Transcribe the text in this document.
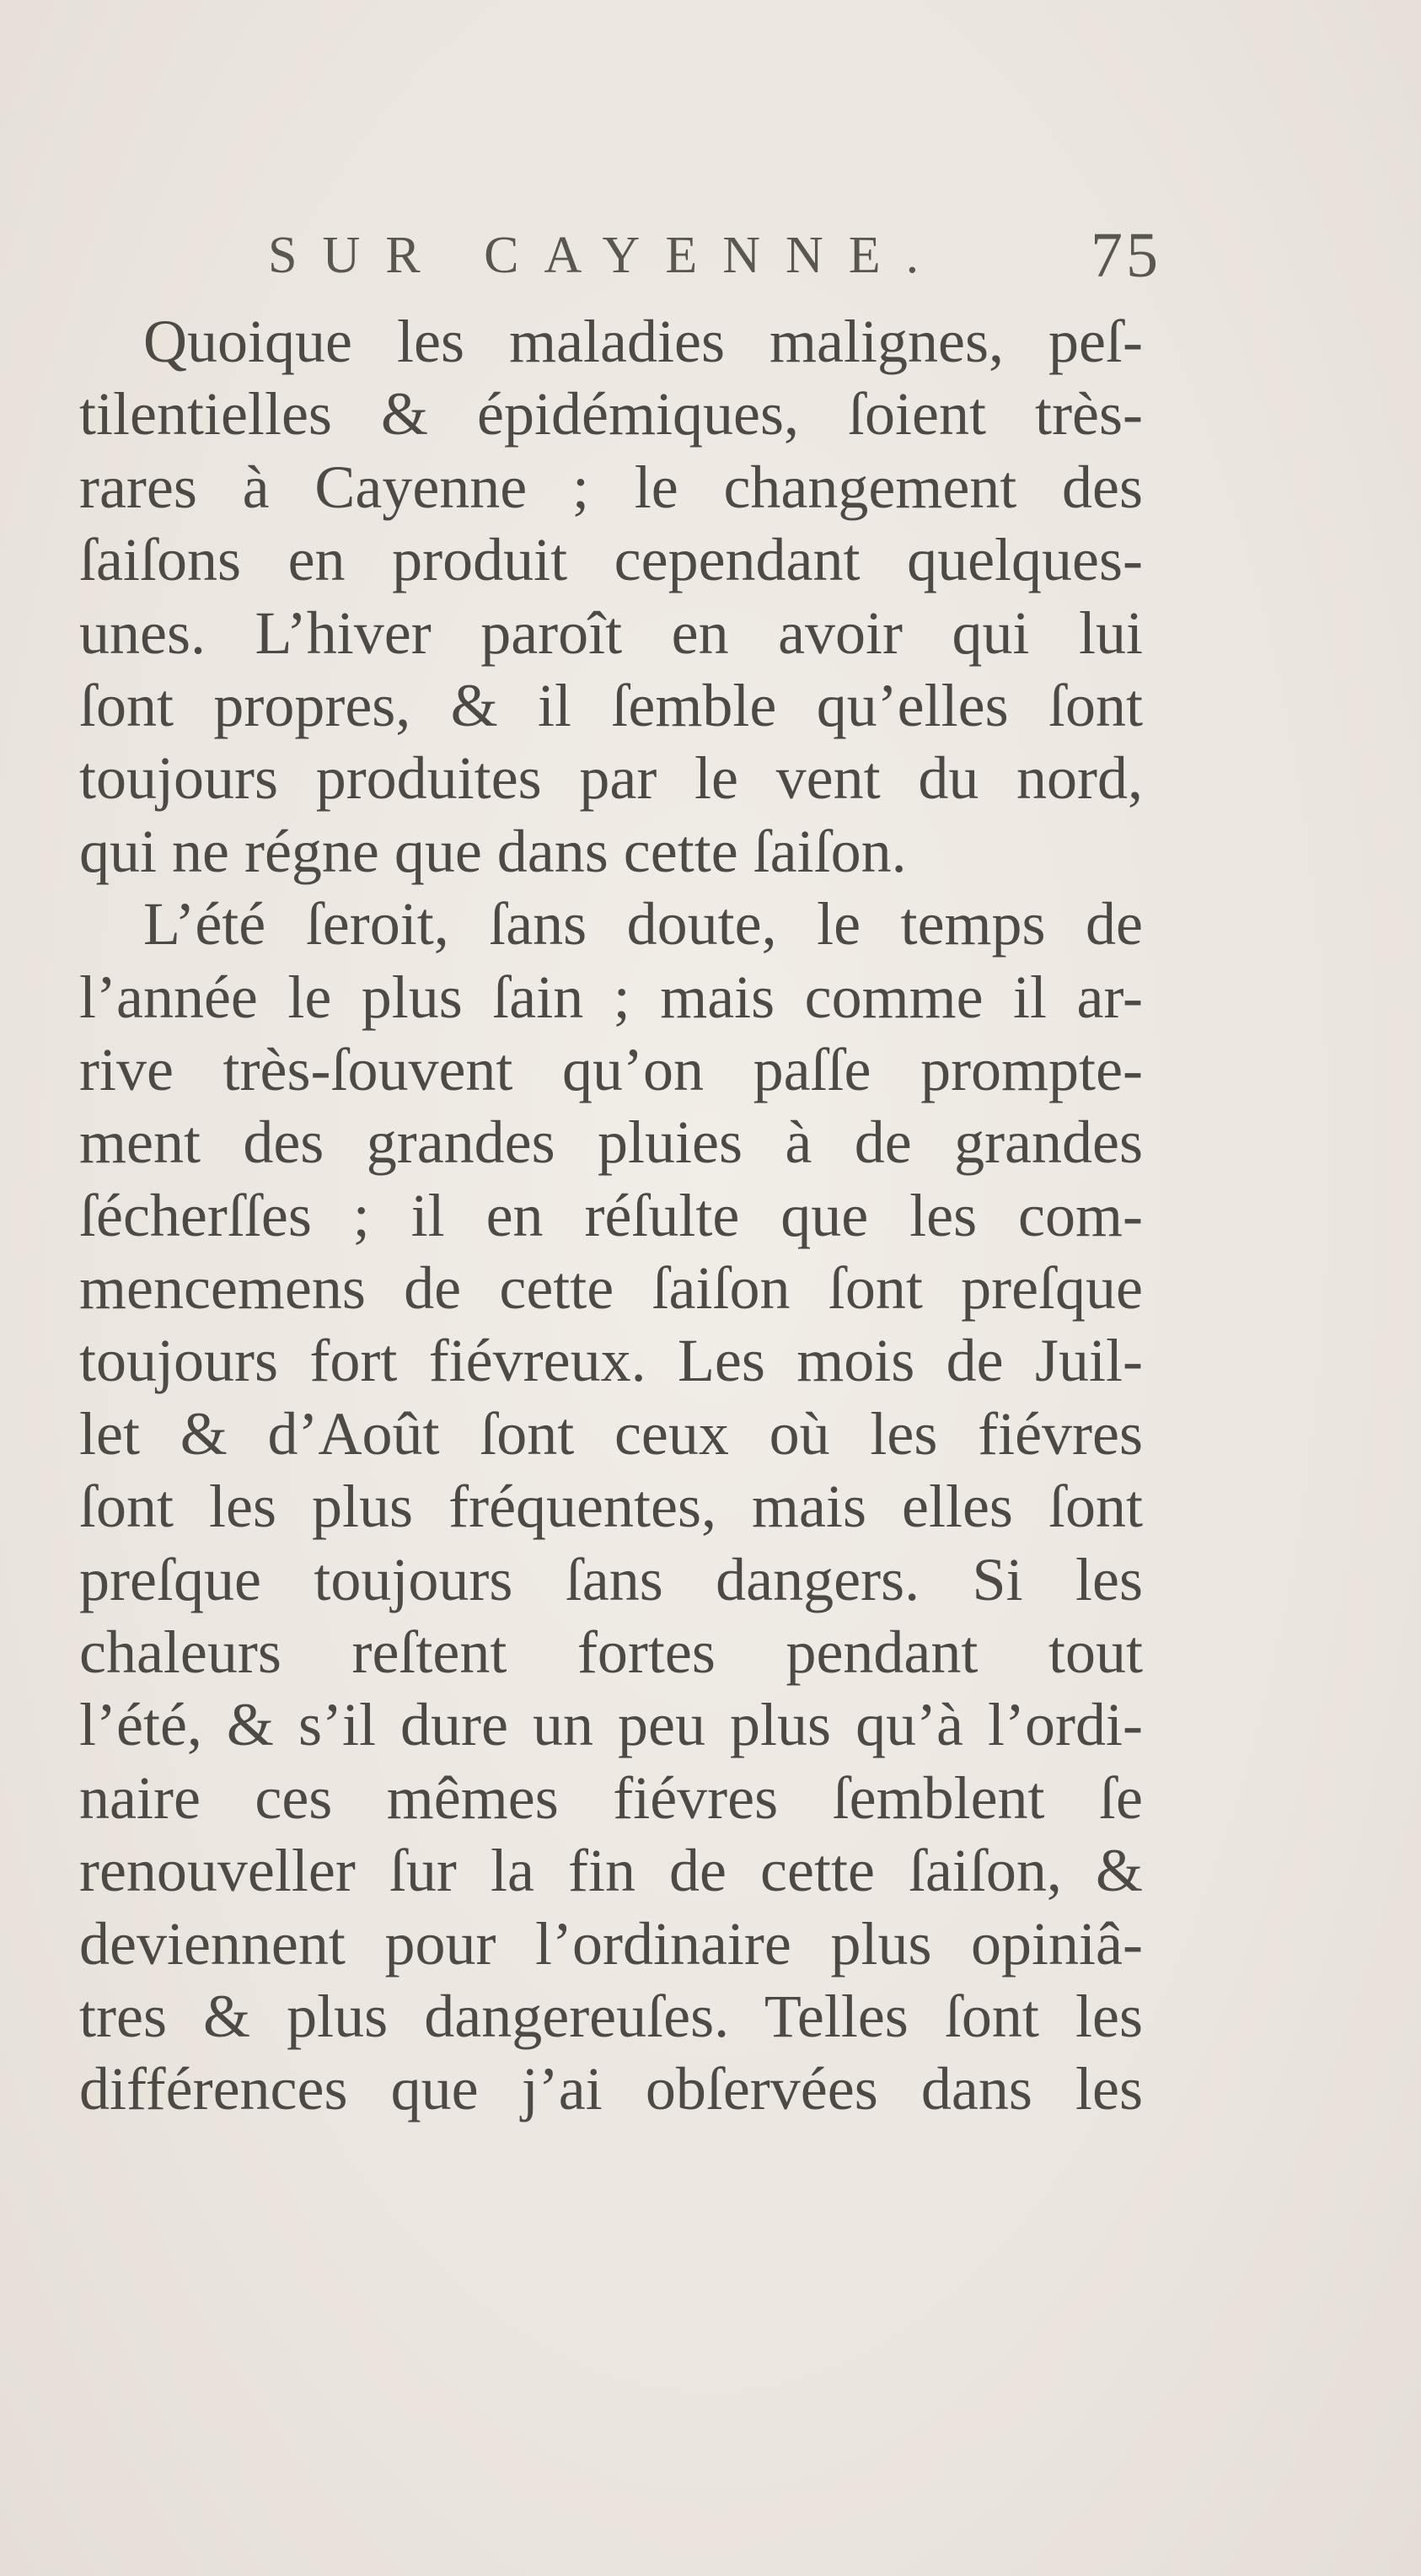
SUR CAYENNE. 75
Quoique les maladies malignes, peſ-
tilentielles & épidémiques, ſoient très-
rares à Cayenne ; le changement des
ſaiſons en produit cependant quelques-
unes. L’hiver paroît en avoir qui lui
ſont propres, & il ſemble qu’elles ſont
toujours produites par le vent du nord,
qui ne régne que dans cette ſaiſon.
L’été ſeroit, ſans doute, le temps de
l’année le plus ſain ; mais comme il ar-
rive très-ſouvent qu’on paſſe prompte-
ment des grandes pluies à de grandes
ſécherſſes ; il en réſulte que les com-
mencemens de cette ſaiſon ſont preſque
toujours fort fiévreux. Les mois de Juil-
let & d’Août ſont ceux où les fiévres
ſont les plus fréquentes, mais elles ſont
preſque toujours ſans dangers. Si les
chaleurs reſtent fortes pendant tout
l’été, & s’il dure un peu plus qu’à l’ordi-
naire ces mêmes fiévres ſemblent ſe
renouveller ſur la fin de cette ſaiſon, &
deviennent pour l’ordinaire plus opiniâ-
tres & plus dangereuſes. Telles ſont les
différences que j’ai obſervées dans les
